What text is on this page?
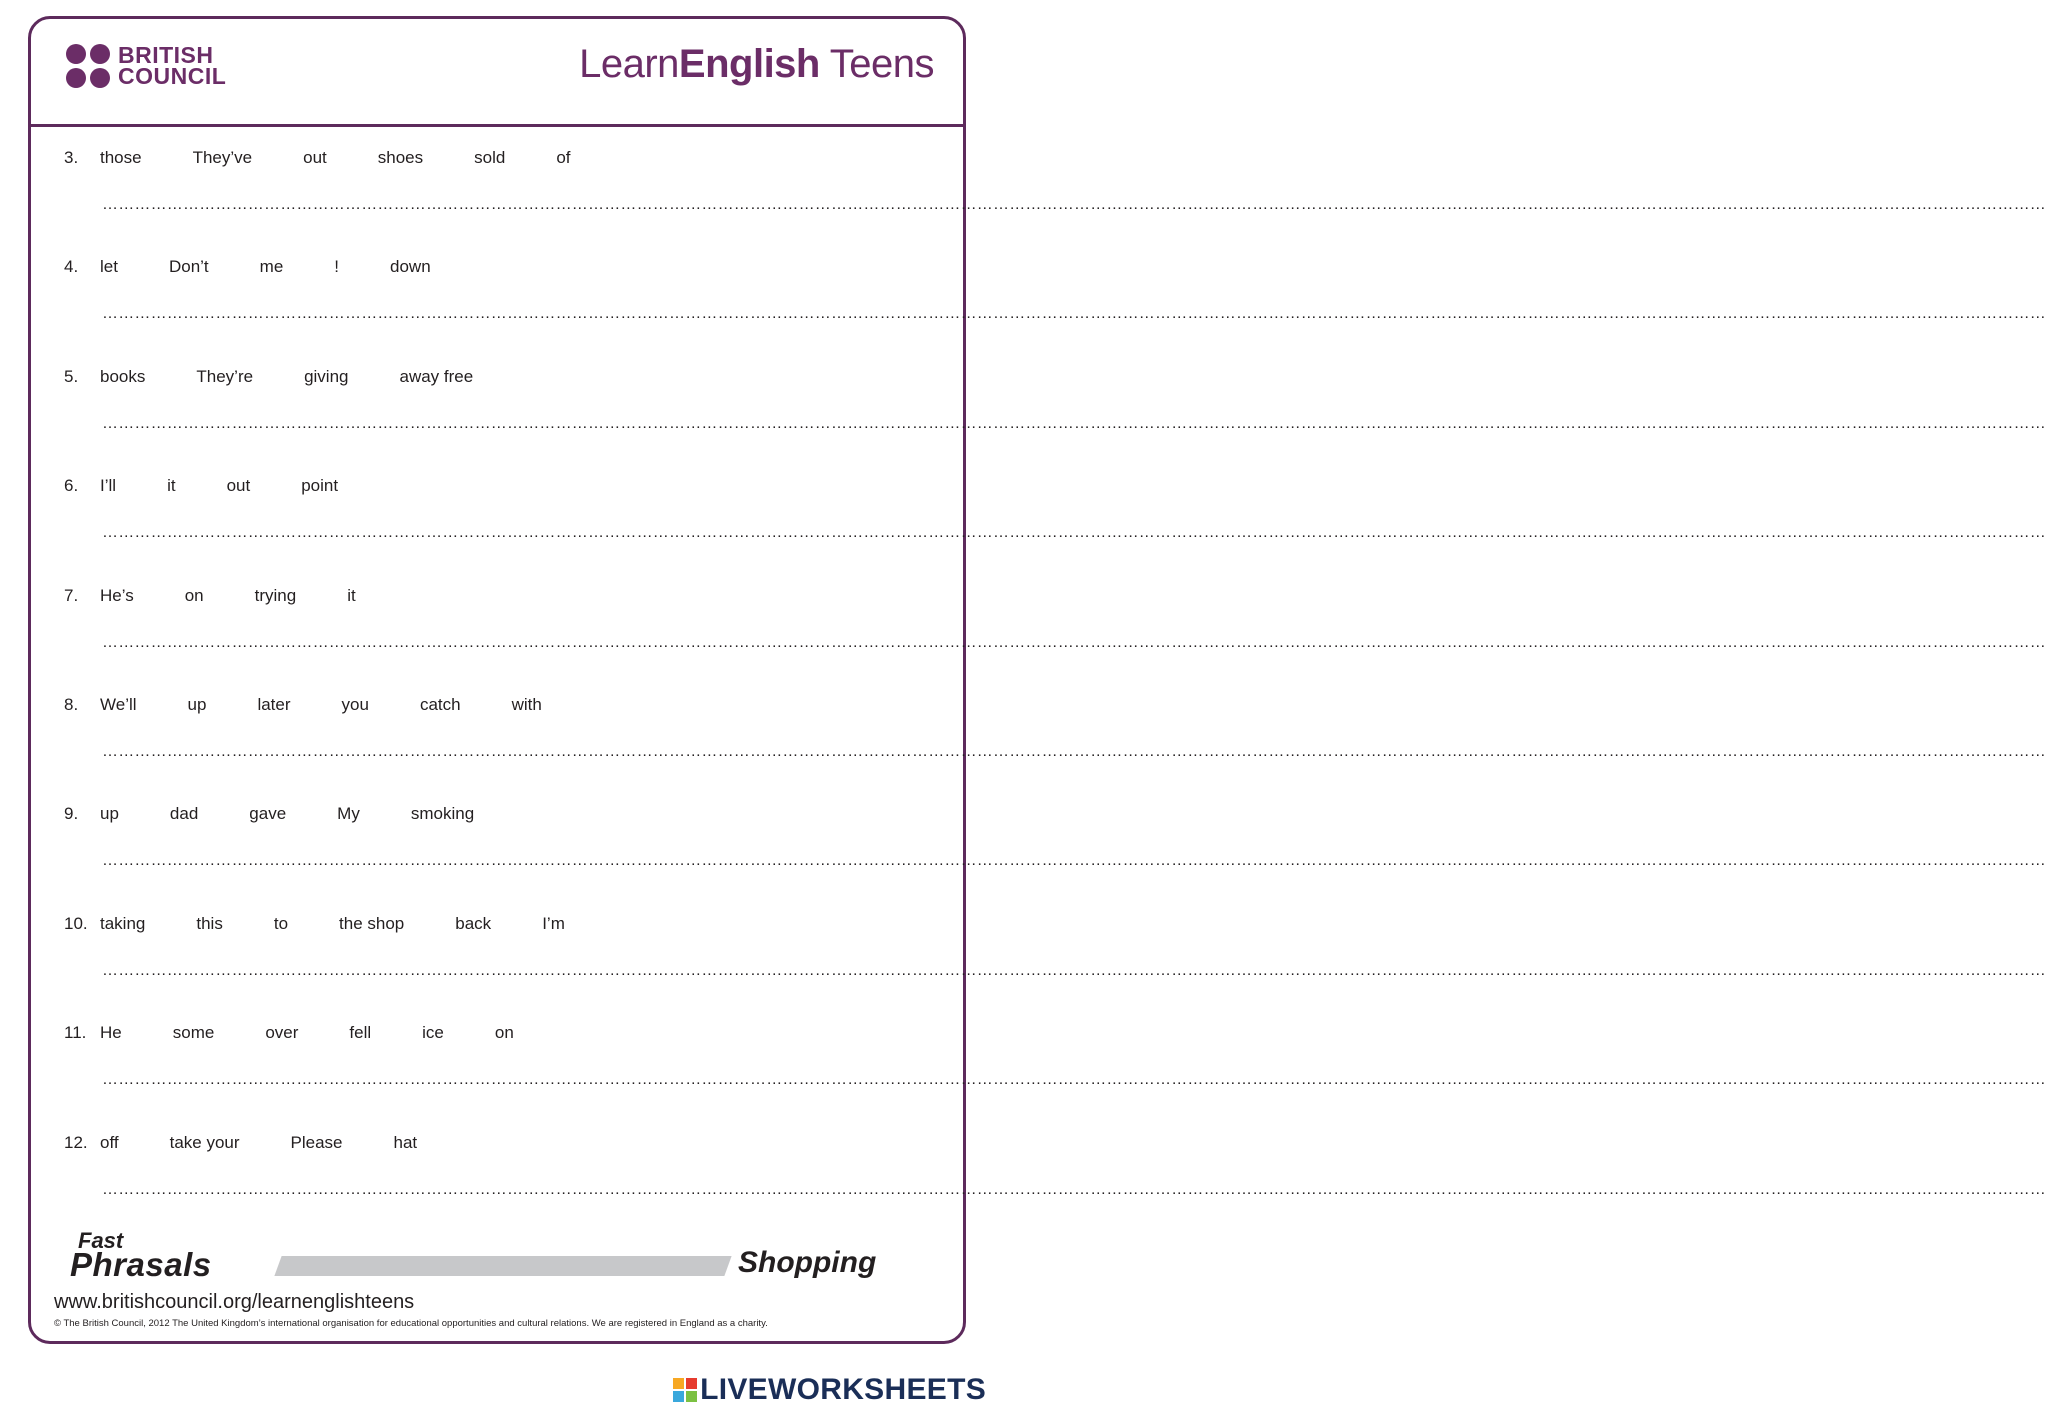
BRITISH
COUNCIL	LearnEnglish Teens
3. those	They’ve	out	shoes	sold	of
………………………………………………………………………………………………………………………………………………………………………………………………………………………………………………………………………………………………………………………………
4. let	Don’t	me	!	down
………………………………………………………………………………………………………………………………………………………………………………………………………………………………………………………………………………………………………………………………
5. books	They’re	giving	away free
………………………………………………………………………………………………………………………………………………………………………………………………………………………………………………………………………………………………………………………………
6. I’ll	it	out	point
………………………………………………………………………………………………………………………………………………………………………………………………………………………………………………………………………………………………………………………………
7. He’s	on	trying	it
………………………………………………………………………………………………………………………………………………………………………………………………………………………………………………………………………………………………………………………………
8. We’ll	up	later	you	catch	with
………………………………………………………………………………………………………………………………………………………………………………………………………………………………………………………………………………………………………………………………
9. up	dad	gave	My	smoking
………………………………………………………………………………………………………………………………………………………………………………………………………………………………………………………………………………………………………………………………
10. taking	this	to	the shop	back	I’m
………………………………………………………………………………………………………………………………………………………………………………………………………………………………………………………………………………………………………………………………
11. He	some	over	fell	ice	on
………………………………………………………………………………………………………………………………………………………………………………………………………………………………………………………………………………………………………………………………
12. off	take your	Please	hat
………………………………………………………………………………………………………………………………………………………………………………………………………………………………………………………………………………………………………………………………
Fast
Phrasals	Shopping
www.britishcouncil.org/learnenglishteens
© The British Council, 2012 The United Kingdom’s international organisation for educational opportunities and cultural relations. We are registered in England as a charity.
LIVEWORKSHEETS
